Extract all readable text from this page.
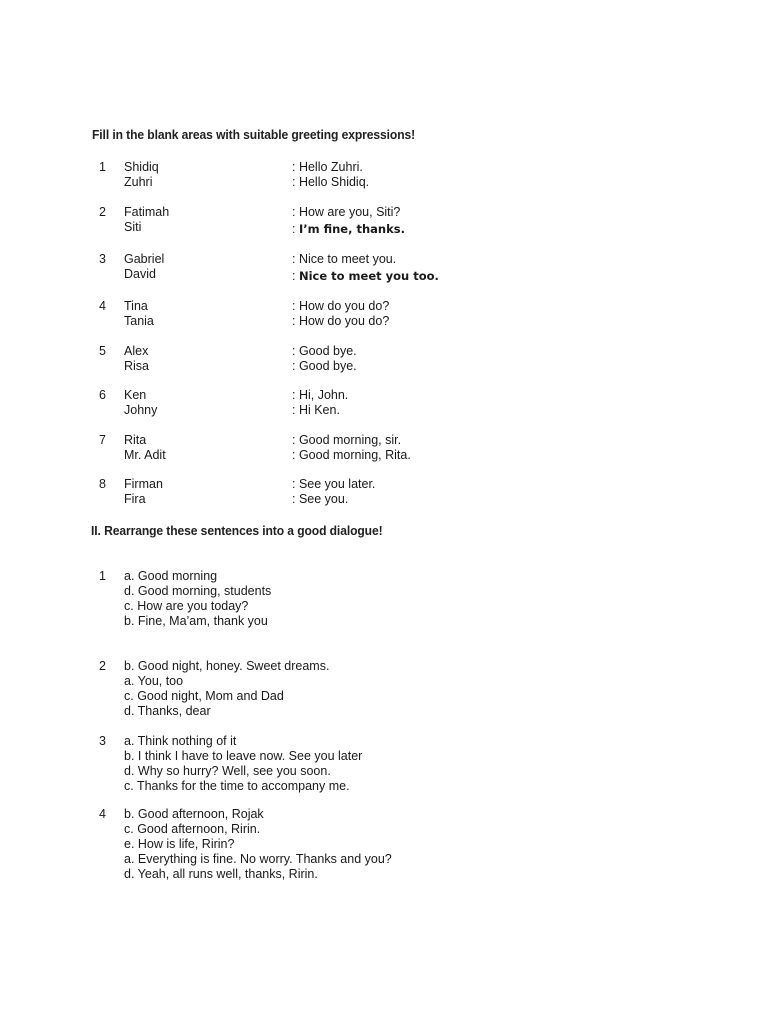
Fill in the blank areas with suitable greeting expressions!
1 Shidiq
Zuhri
: Hello Zuhri.
: Hello Shidiq.
2 Fatimah
Siti
: How are you, Siti?
: I’m fine, thanks.
3 Gabriel
David
: Nice to meet you.
: Nice to meet you too.
4 Tina
Tania
: How do you do?
: How do you do?
5 Alex
Risa
: Good bye.
: Good bye.
6 Ken
Johny
: Hi, John.
: Hi Ken.
7 Rita
Mr. Adit
: Good morning, sir.
: Good morning, Rita.
8 Firman
Fira
: See you later.
: See you.
II. Rearrange these sentences into a good dialogue!
1 a. Good morning
d. Good morning, students
c. How are you today?
b. Fine, Ma’am, thank you
2 b. Good night, honey. Sweet dreams.
a. You, too
c. Good night, Mom and Dad
d. Thanks, dear
3 a. Think nothing of it
b. I think I have to leave now. See you later
d. Why so hurry? Well, see you soon.
c. Thanks for the time to accompany me.
4 b. Good afternoon, Rojak
c. Good afternoon, Ririn.
e. How is life, Ririn?
a. Everything is fine. No worry. Thanks and you?
d. Yeah, all runs well, thanks, Ririn.
